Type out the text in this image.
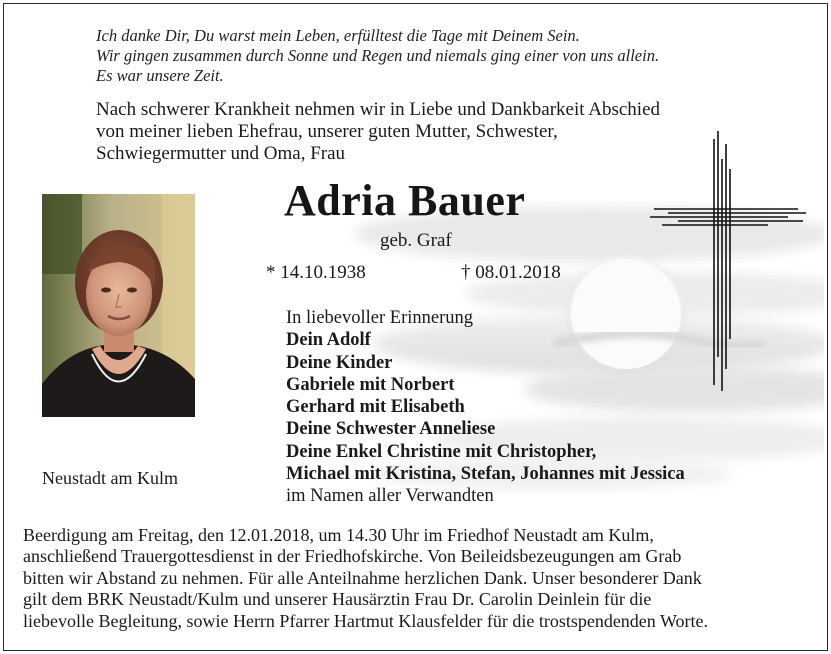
Ich danke Dir, Du warst mein Leben, erfülltest die Tage mit Deinem Sein.
Wir gingen zusammen durch Sonne und Regen und niemals ging einer von uns allein.
Es war unsere Zeit.
Nach schwerer Krankheit nehmen wir in Liebe und Dankbarkeit Abschied
von meiner lieben Ehefrau, unserer guten Mutter, Schwester,
Schwiegermutter und Oma, Frau
Adria Bauer
geb. Graf
* 14.10.1938	† 08.01.2018
Neustadt am Kulm
In liebevoller Erinnerung
Dein Adolf
Deine Kinder
Gabriele mit Norbert
Gerhard mit Elisabeth
Deine Schwester Anneliese
Deine Enkel Christine mit Christopher,
Michael mit Kristina, Stefan, Johannes mit Jessica
im Namen aller Verwandten
Beerdigung am Freitag, den 12.01.2018, um 14.30 Uhr im Friedhof Neustadt am Kulm,
anschließend Trauergottesdienst in der Friedhofskirche. Von Beileidsbezeugungen am Grab
bitten wir Abstand zu nehmen. Für alle Anteilnahme herzlichen Dank. Unser besonderer Dank
gilt dem BRK Neustadt/Kulm und unserer Hausärztin Frau Dr. Carolin Deinlein für die
liebevolle Begleitung, sowie Herrn Pfarrer Hartmut Klausfelder für die trostspendenden Worte.
